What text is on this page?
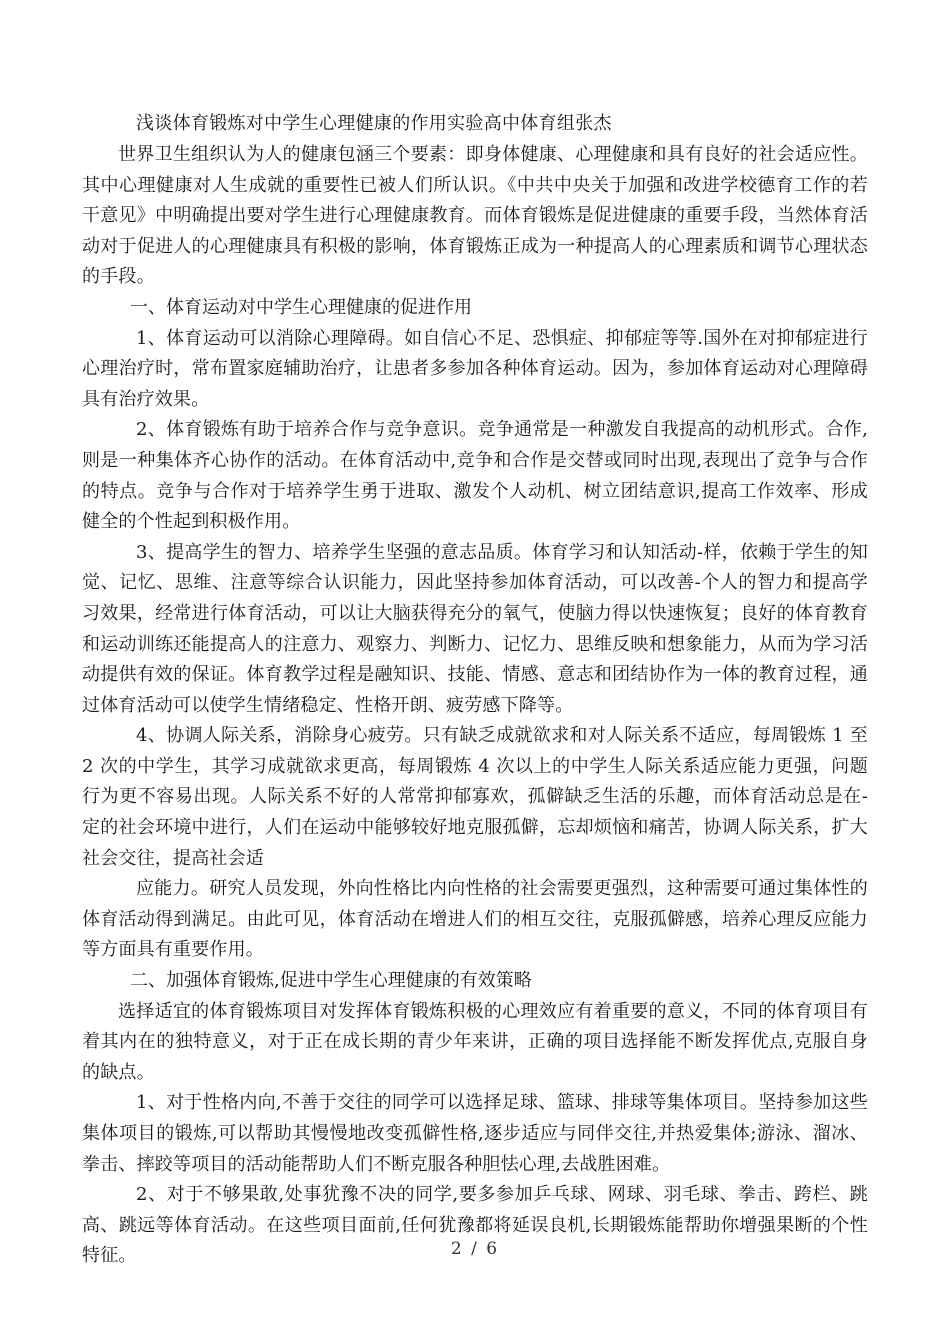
浅谈体育锻炼对中学生心理健康的作用实验高中体育组张杰

世界卫生组织认为人的健康包涵三个要素：即身体健康、心理健康和具有良好的社会适应性。其中心理健康对人生成就的重要性已被人们所认识。《中共中央关于加强和改进学校德育工作的若干意见》中明确提出要对学生进行心理健康教育。而体育锻炼是促进健康的重要手段，当然体育活动对于促进人的心理健康具有积极的影响，体育锻炼正成为一种提高人的心理素质和调节心理状态的手段。

一、体育运动对中学生心理健康的促进作用

1、体育运动可以消除心理障碍。如自信心不足、恐惧症、抑郁症等等.国外在对抑郁症进行心理治疗时，常布置家庭辅助治疗，让患者多参加各种体育运动。因为，参加体育运动对心理障碍具有治疗效果。

2、体育锻炼有助于培养合作与竞争意识。竞争通常是一种激发自我提高的动机形式。合作,则是一种集体齐心协作的活动。在体育活动中,竞争和合作是交替或同时出现,表现出了竞争与合作的特点。竞争与合作对于培养学生勇于进取、激发个人动机、树立团结意识,提高工作效率、形成健全的个性起到积极作用。

3、提高学生的智力、培养学生坚强的意志品质。体育学习和认知活动-样，依赖于学生的知觉、记忆、思维、注意等综合认识能力，因此坚持参加体育活动，可以改善-个人的智力和提高学习效果，经常进行体育活动，可以让大脑获得充分的氧气，使脑力得以快速恢复；良好的体育教育和运动训练还能提高人的注意力、观察力、判断力、记忆力、思维反映和想象能力，从而为学习活动提供有效的保证。体育教学过程是融知识、技能、情感、意志和团结协作为一体的教育过程，通过体育活动可以使学生情绪稳定、性格开朗、疲劳感下降等。

4、协调人际关系，消除身心疲劳。只有缺乏成就欲求和对人际关系不适应，每周锻炼 1 至 2 次的中学生，其学习成就欲求更高，每周锻炼 4 次以上的中学生人际关系适应能力更强，问题行为更不容易出现。人际关系不好的人常常抑郁寡欢，孤僻缺乏生活的乐趣，而体育活动总是在-定的社会环境中进行，人们在运动中能够较好地克服孤僻，忘却烦恼和痛苦，协调人际关系，扩大社会交往，提高社会适

应能力。研究人员发现，外向性格比内向性格的社会需要更强烈，这种需要可通过集体性的体育活动得到满足。由此可见，体育活动在增进人们的相互交往，克服孤僻感，培养心理反应能力等方面具有重要作用。

二、加强体育锻炼,促进中学生心理健康的有效策略

选择适宜的体育锻炼项目对发挥体育锻炼积极的心理效应有着重要的意义，不同的体育项目有着其内在的独特意义，对于正在成长期的青少年来讲，正确的项目选择能不断发挥优点,克服自身的缺点。

1、对于性格内向,不善于交往的同学可以选择足球、篮球、排球等集体项目。坚持参加这些集体项目的锻炼,可以帮助其慢慢地改变孤僻性格,逐步适应与同伴交往,并热爱集体;游泳、溜冰、拳击、摔跤等项目的活动能帮助人们不断克服各种胆怯心理,去战胜困难。

2、对于不够果敢,处事犹豫不决的同学,要多参加乒乓球、网球、羽毛球、拳击、跨栏、跳高、跳远等体育活动。在这些项目面前,任何犹豫都将延误良机,长期锻炼能帮助你增强果断的个性特征。	2 / 6
